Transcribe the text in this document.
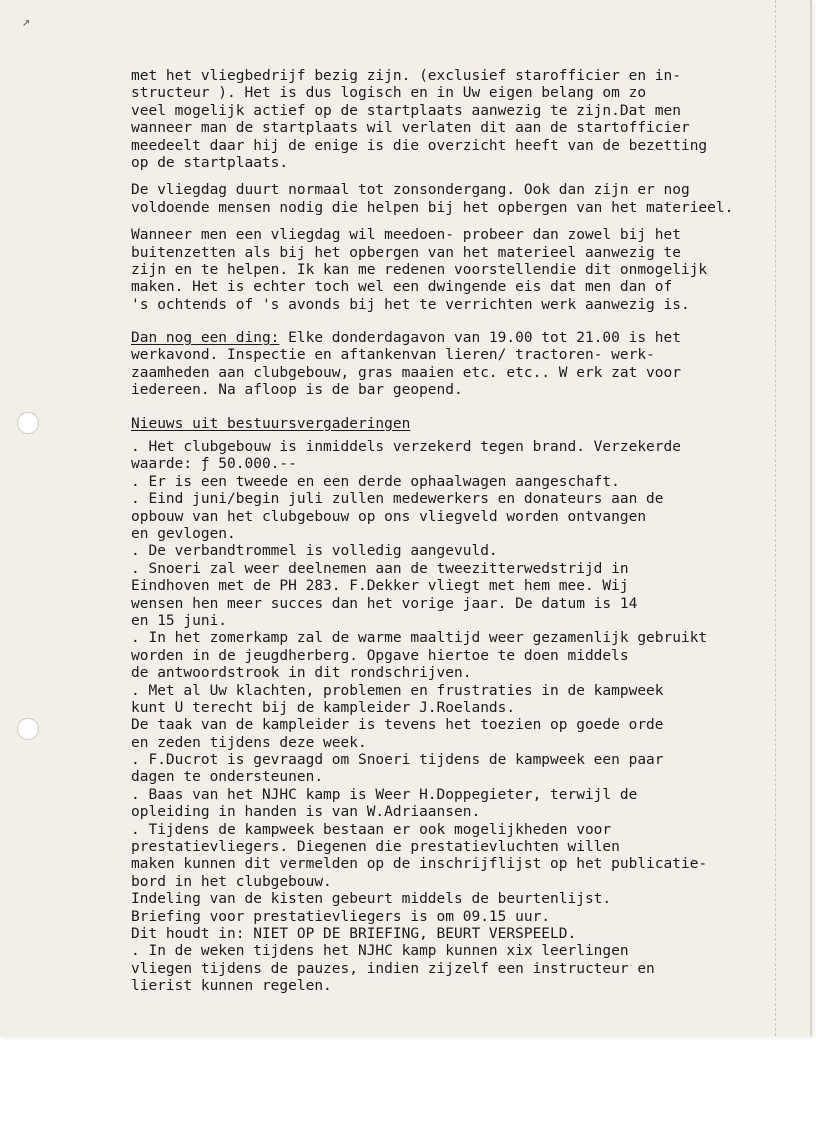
↗
met het vliegbedrijf bezig zijn. (exclusief starofficier en in-
structeur ). Het is dus logisch en in Uw eigen belang om zo
veel mogelijk actief op de startplaats aanwezig te zijn.Dat men
wanneer man de startplaats wil verlaten dit aan de startofficier
meedeelt daar hij de enige is die overzicht heeft van de bezetting
op de startplaats.
De vliegdag duurt normaal tot zonsondergang. Ook dan zijn er nog
voldoende mensen nodig die helpen bij het opbergen van het materieel.
Wanneer men een vliegdag wil meedoen- probeer dan zowel bij het
buitenzetten als bij het opbergen van het materieel aanwezig te
zijn en te helpen. Ik kan me redenen voorstellendie dit onmogelijk
maken. Het is echter toch wel een dwingende eis dat men dan of
's ochtends of 's avonds bij het te verrichten werk aanwezig is.
Dan nog een ding: Elke donderdagavon van 19.00 tot 21.00 is het
werkavond. Inspectie en aftankenvan lieren/ tractoren- werk-
zaamheden aan clubgebouw, gras maaien etc. etc.. W erk zat voor
iedereen. Na afloop is de bar geopend.
Nieuws uit bestuursvergaderingen
. Het clubgebouw is inmiddels verzekerd tegen brand. Verzekerde
waarde: ƒ 50.000.--
. Er is een tweede en een derde ophaalwagen aangeschaft.
. Eind juni/begin juli zullen medewerkers en donateurs aan de
opbouw van het clubgebouw op ons vliegveld worden ontvangen
en gevlogen.
. De verbandtrommel is volledig aangevuld.
. Snoeri zal weer deelnemen aan de tweezitterwedstrijd in
Eindhoven met de PH 283. F.Dekker vliegt met hem mee. Wij
wensen hen meer succes dan het vorige jaar. De datum is 14
en 15 juni.
. In het zomerkamp zal de warme maaltijd weer gezamenlijk gebruikt
worden in de jeugdherberg. Opgave hiertoe te doen middels
de antwoordstrook in dit rondschrijven.
. Met al Uw klachten, problemen en frustraties in de kampweek
kunt U terecht bij de kampleider J.Roelands.
De taak van de kampleider is tevens het toezien op goede orde
en zeden tijdens deze week.
. F.Ducrot is gevraagd om Snoeri tijdens de kampweek een paar
dagen te ondersteunen.
. Baas van het NJHC kamp is Weer H.Doppegieter, terwijl de
opleiding in handen is van W.Adriaansen.
. Tijdens de kampweek bestaan er ook mogelijkheden voor
prestatievliegers. Diegenen die prestatievluchten willen
maken kunnen dit vermelden op de inschrijflijst op het publicatie-
bord in het clubgebouw.
Indeling van de kisten gebeurt middels de beurtenlijst.
Briefing voor prestatievliegers is om 09.15 uur.
Dit houdt in: NIET OP DE BRIEFING, BEURT VERSPEELD.
. In de weken tijdens het NJHC kamp kunnen xix leerlingen
vliegen tijdens de pauzes, indien zijzelf een instructeur en
lierist kunnen regelen.
